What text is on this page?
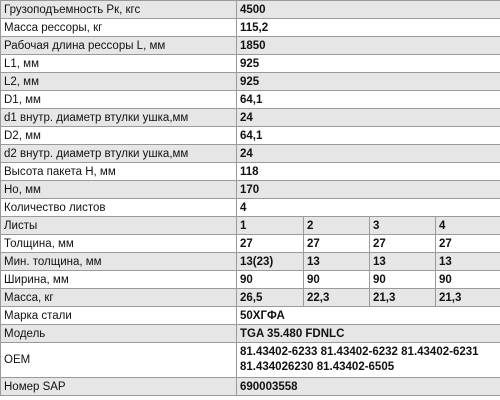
Грузоподъемность Pк, кгс	4500			
Масса рессоры, кг	115,2			
Рабочая длина рессоры L, мм	1850			
L1, мм	925			
L2, мм	925			
D1, мм	64,1			
d1 внутр. диаметр втулки ушка,мм	24			
D2, мм	64,1			
d2 внутр. диаметр втулки ушка,мм	24			
Высота пакета H, мм	118			
Ho, мм	170			
Количество листов	4			
Листы	1	2	3	4
Толщина, мм	27	27	27	27
Мин. толщина, мм	13(23)	13	13	13
Ширина, мм	90	90	90	90
Масса, кг	26,5	22,3	21,3	21,3
Марка стали	50ХГФА			
Модель	TGA 35.480 FDNLC			
OEM	81.43402-6233 81.43402-6232 81.43402-6231 81.434026230 81.43402-6505			
Номер SAP	690003558			
